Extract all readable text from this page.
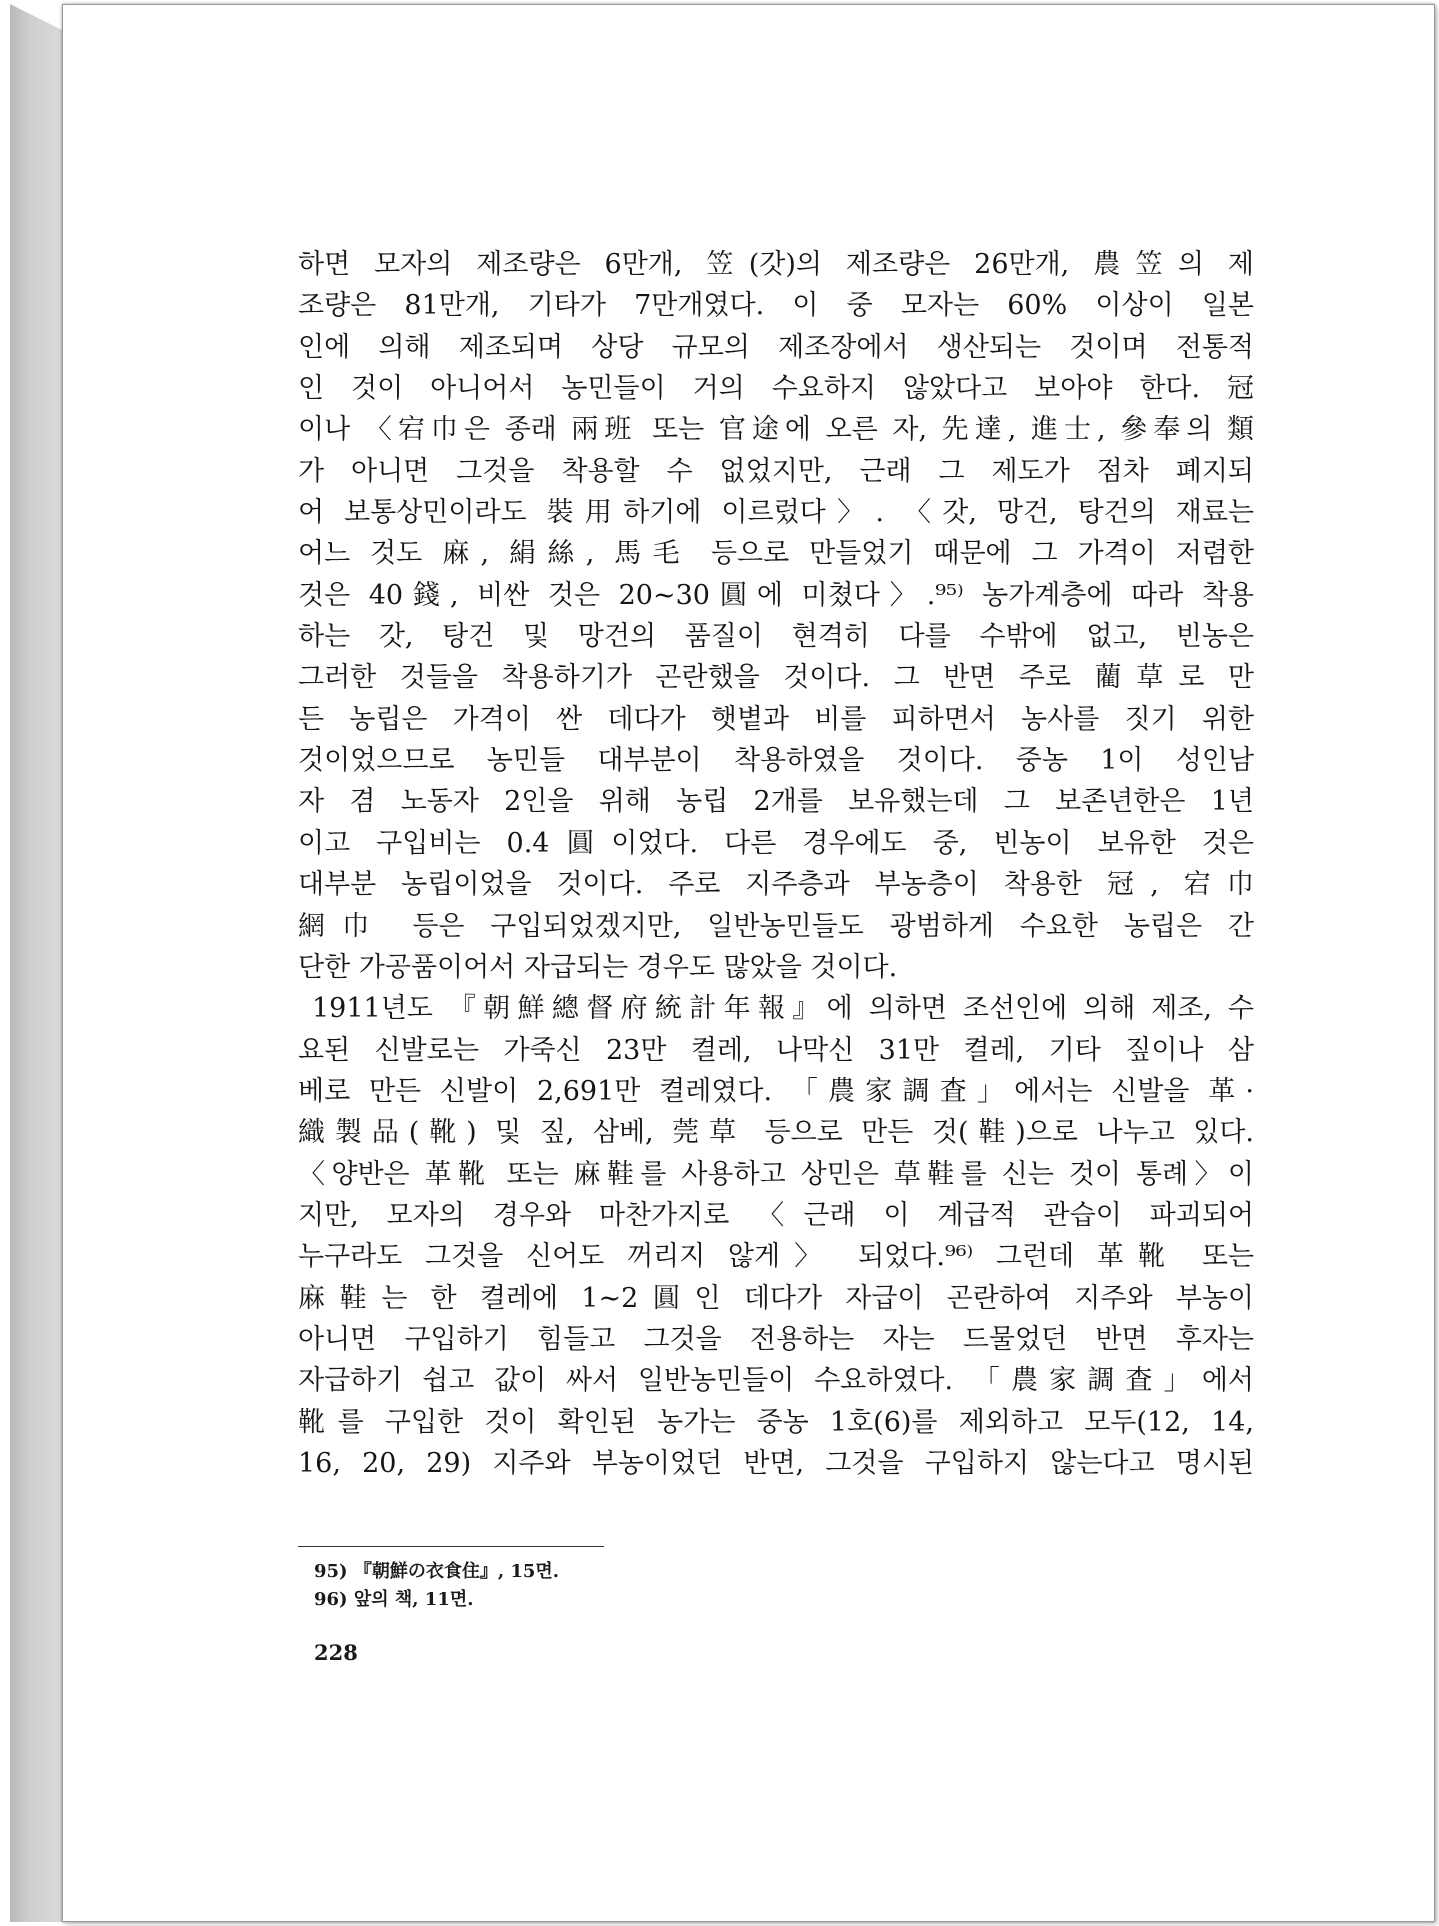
하면 모자의 제조량은 6만개, 笠(갓)의 제조량은 26만개, 農笠의 제
조량은 81만개, 기타가 7만개였다. 이 중 모자는 60% 이상이 일본
인에 의해 제조되며 상당 규모의 제조장에서 생산되는 것이며 전통적
인 것이 아니어서 농민들이 거의 수요하지 않았다고 보아야 한다. 冠
이나 〈宕巾은 종래 兩班 또는 官途에 오른 자, 先達, 進士, 參奉의 類
가 아니면 그것을 착용할 수 없었지만, 근래 그 제도가 점차 폐지되
어 보통상민이라도 裝用하기에 이르렀다〉. 〈갓, 망건, 탕건의 재료는
어느 것도 麻, 絹絲, 馬毛 등으로 만들었기 때문에 그 가격이 저렴한
것은 40錢, 비싼 것은 20∼30圓에 미쳤다〉.⁹⁵⁾ 농가계층에 따라 착용
하는 갓, 탕건 및 망건의 품질이 현격히 다를 수밖에 없고, 빈농은
그러한 것들을 착용하기가 곤란했을 것이다. 그 반면 주로 藺草로 만
든 농립은 가격이 싼 데다가 햇볕과 비를 피하면서 농사를 짓기 위한
것이었으므로 농민들 대부분이 착용하였을 것이다. 중농 1이 성인남
자 겸 노동자 2인을 위해 농립 2개를 보유했는데 그 보존년한은 1년
이고 구입비는 0.4圓이었다. 다른 경우에도 중, 빈농이 보유한 것은
대부분 농립이었을 것이다. 주로 지주층과 부농층이 착용한 冠, 宕巾
網巾 등은 구입되었겠지만, 일반농민들도 광범하게 수요한 농립은 간
단한 가공품이어서 자급되는 경우도 많았을 것이다.
1911년도 『朝鮮總督府統計年報』에 의하면 조선인에 의해 제조, 수
요된 신발로는 가죽신 23만 켤레, 나막신 31만 켤레, 기타 짚이나 삼
베로 만든 신발이 2,691만 켤레였다. 「農家調査」에서는 신발을 革·
織製品(靴) 및 짚, 삼베, 莞草 등으로 만든 것(鞋)으로 나누고 있다.
〈양반은 革靴 또는 麻鞋를 사용하고 상민은 草鞋를 신는 것이 통례〉이
지만, 모자의 경우와 마찬가지로 〈근래 이 계급적 관습이 파괴되어
누구라도 그것을 신어도 꺼리지 않게〉 되었다.⁹⁶⁾ 그런데 革靴 또는
麻鞋는 한 켤레에 1∼2圓인 데다가 자급이 곤란하여 지주와 부농이
아니면 구입하기 힘들고 그것을 전용하는 자는 드물었던 반면 후자는
자급하기 쉽고 값이 싸서 일반농민들이 수요하였다. 「農家調査」에서
靴를 구입한 것이 확인된 농가는 중농 1호(6)를 제외하고 모두(12, 14,
16, 20, 29) 지주와 부농이었던 반면, 그것을 구입하지 않는다고 명시된
95) 『朝鮮の衣食住』, 15면.
96) 앞의 책, 11면.
228
